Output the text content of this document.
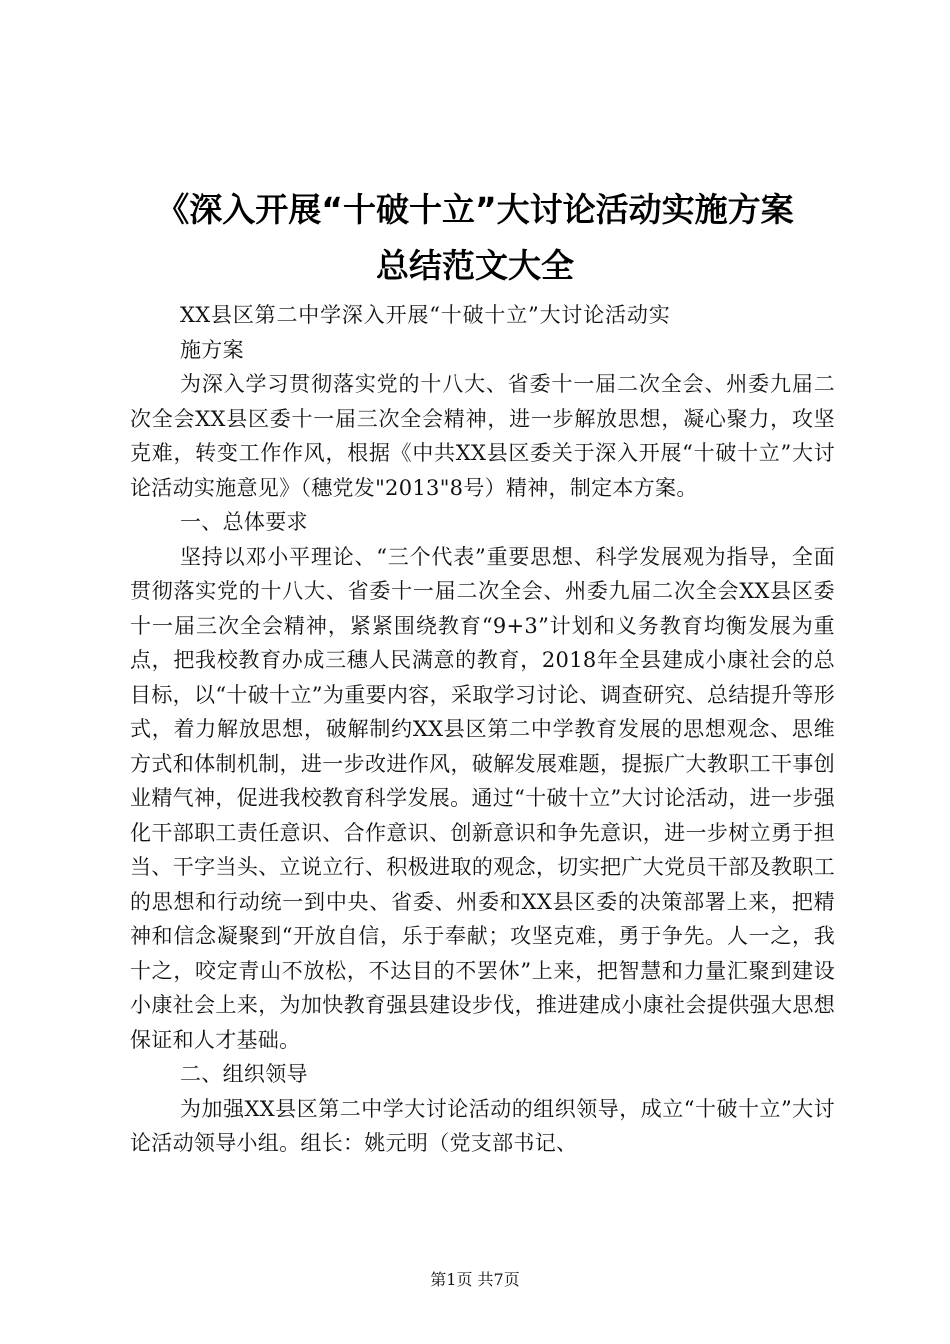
《深入开展“十破十立”大讨论活动实施方案
总结范文大全

XX县区第二中学深入开展“十破十立”大讨论活动实施方案

为深入学习贯彻落实党的十八大、省委十一届二次全会、州委九届二次全会XX县区委十一届三次全会精神，进一步解放思想，凝心聚力，攻坚克难，转变工作作风，根据《中共XX县区委关于深入开展“十破十立”大讨论活动实施意见》（穗党发"2013"8号）精神，制定本方案。

一、总体要求

坚持以邓小平理论、“三个代表”重要思想、科学发展观为指导，全面贯彻落实党的十八大、省委十一届二次全会、州委九届二次全会XX县区委十一届三次全会精神，紧紧围绕教育“9+3”计划和义务教育均衡发展为重点，把我校教育办成三穗人民满意的教育，2018年全县建成小康社会的总目标，以“十破十立”为重要内容，采取学习讨论、调查研究、总结提升等形式，着力解放思想，破解制约XX县区第二中学教育发展的思想观念、思维方式和体制机制，进一步改进作风，破解发展难题，提振广大教职工干事创业精气神，促进我校教育科学发展。通过“十破十立”大讨论活动，进一步强化干部职工责任意识、合作意识、创新意识和争先意识，进一步树立勇于担当、干字当头、立说立行、积极进取的观念，切实把广大党员干部及教职工的思想和行动统一到中央、省委、州委和XX县区委的决策部署上来，把精神和信念凝聚到“开放自信，乐于奉献；攻坚克难，勇于争先。人一之，我十之，咬定青山不放松，不达目的不罢休”上来，把智慧和力量汇聚到建设小康社会上来，为加快教育强县建设步伐，推进建成小康社会提供强大思想保证和人才基础。

二、组织领导

为加强XX县区第二中学大讨论活动的组织领导，成立“十破十立”大讨论活动领导小组。组长：姚元明（党支部书记、

第1页 共7页
